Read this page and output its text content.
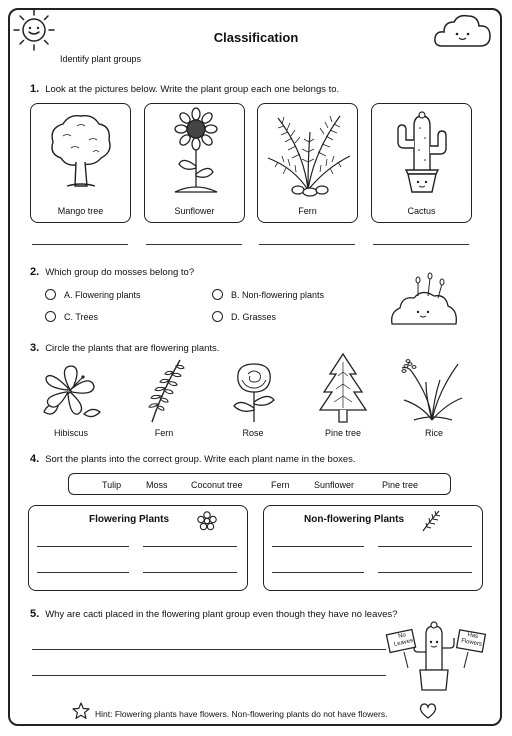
Classification
Identify plant groups
1. Look at the pictures below. Write the plant group each one belongs to.
Mango tree	Sunflower	Fern	Cactus
2. Which group do mosses belong to?
A. Flowering plants	B. Non-flowering plants
C. Trees	D. Grasses
3. Circle the plants that are flowering plants.
Hibiscus	Fern	Rose	Pine tree	Rice
4. Sort the plants into the correct group. Write each plant name in the boxes.
Tulip	Moss	Coconut tree	Fern	Sunflower	Pine tree
Flowering Plants	Non-flowering Plants
5. Why are cacti placed in the flowering plant group even though they have no leaves?
No Leaves
Has Flowers
Hint: Flowering plants have flowers. Non-flowering plants do not have flowers.
